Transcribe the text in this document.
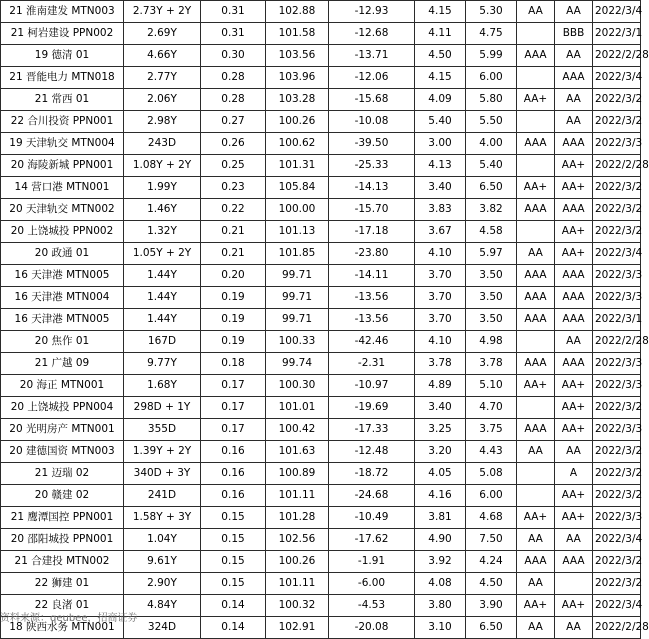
21 淮南建发 MTN003	2.73Y + 2Y	0.31	102.88	-12.93	4.15	5.30	AA	AA	2022/3/4
21 柯岩建设 PPN002	2.69Y	0.31	101.58	-12.68	4.11	4.75		BBB	2022/3/1
19 德清 01	4.66Y	0.30	103.56	-13.71	4.50	5.99	AAA	AA	2022/2/28
21 晋能电力 MTN018	2.77Y	0.28	103.96	-12.06	4.15	6.00		AAA	2022/3/4
21 常西 01	2.06Y	0.28	103.28	-15.68	4.09	5.80	AA+	AA	2022/3/2
22 合川投资 PPN001	2.98Y	0.27	100.26	-10.08	5.40	5.50		AA	2022/3/2
19 天津轨交 MTN004	243D	0.26	100.62	-39.50	3.00	4.00	AAA	AAA	2022/3/3
20 海陵新城 PPN001	1.08Y + 2Y	0.25	101.31	-25.33	4.13	5.40		AA+	2022/2/28
14 营口港 MTN001	1.99Y	0.23	105.84	-14.13	3.40	6.50	AA+	AA+	2022/3/2
20 天津轨交 MTN002	1.46Y	0.22	100.00	-15.70	3.83	3.82	AAA	AAA	2022/3/2
20 上饶城投 PPN002	1.32Y	0.21	101.13	-17.18	3.67	4.58		AA+	2022/3/2
20 政通 01	1.05Y + 2Y	0.21	101.85	-23.80	4.10	5.97	AA	AA+	2022/3/4
16 天津港 MTN005	1.44Y	0.20	99.71	-14.11	3.70	3.50	AAA	AAA	2022/3/3
16 天津港 MTN004	1.44Y	0.19	99.71	-13.56	3.70	3.50	AAA	AAA	2022/3/3
16 天津港 MTN005	1.44Y	0.19	99.71	-13.56	3.70	3.50	AAA	AAA	2022/3/1
20 焦作 01	167D	0.19	100.33	-42.46	4.10	4.98		AA	2022/2/28
21 广越 09	9.77Y	0.18	99.74	-2.31	3.78	3.78	AAA	AAA	2022/3/3
20 海正 MTN001	1.68Y	0.17	100.30	-10.97	4.89	5.10	AA+	AA+	2022/3/3
20 上饶城投 PPN004	298D + 1Y	0.17	101.01	-19.69	3.40	4.70		AA+	2022/3/2
20 光明房产 MTN001	355D	0.17	100.42	-17.33	3.25	3.75	AAA	AA+	2022/3/3
20 建德国资 MTN003	1.39Y + 2Y	0.16	101.63	-12.48	3.20	4.43	AA	AA	2022/3/2
21 迈瑞 02	340D + 3Y	0.16	100.89	-18.72	4.05	5.08		A	2022/3/2
20 赣建 02	241D	0.16	101.11	-24.68	4.16	6.00		AA+	2022/3/2
21 鹰潭国控 PPN001	1.58Y + 3Y	0.15	101.28	-10.49	3.81	4.68	AA+	AA+	2022/3/3
20 邵阳城投 PPN001	1.04Y	0.15	102.56	-17.62	4.90	7.50	AA	AA	2022/3/4
21 合建投 MTN002	9.61Y	0.15	100.26	-1.91	3.92	4.24	AAA	AAA	2022/3/2
22 狮建 01	2.90Y	0.15	101.11	-6.00	4.08	4.50	AA		2022/3/2
22 良渚 01	4.84Y	0.14	100.32	-4.53	3.80	3.90	AA+	AA+	2022/3/4
18 陕西水务 MTN001	324D	0.14	102.91	-20.08	3.10	6.50	AA	AA	2022/2/28
资料来源：qeubee，招商证券
